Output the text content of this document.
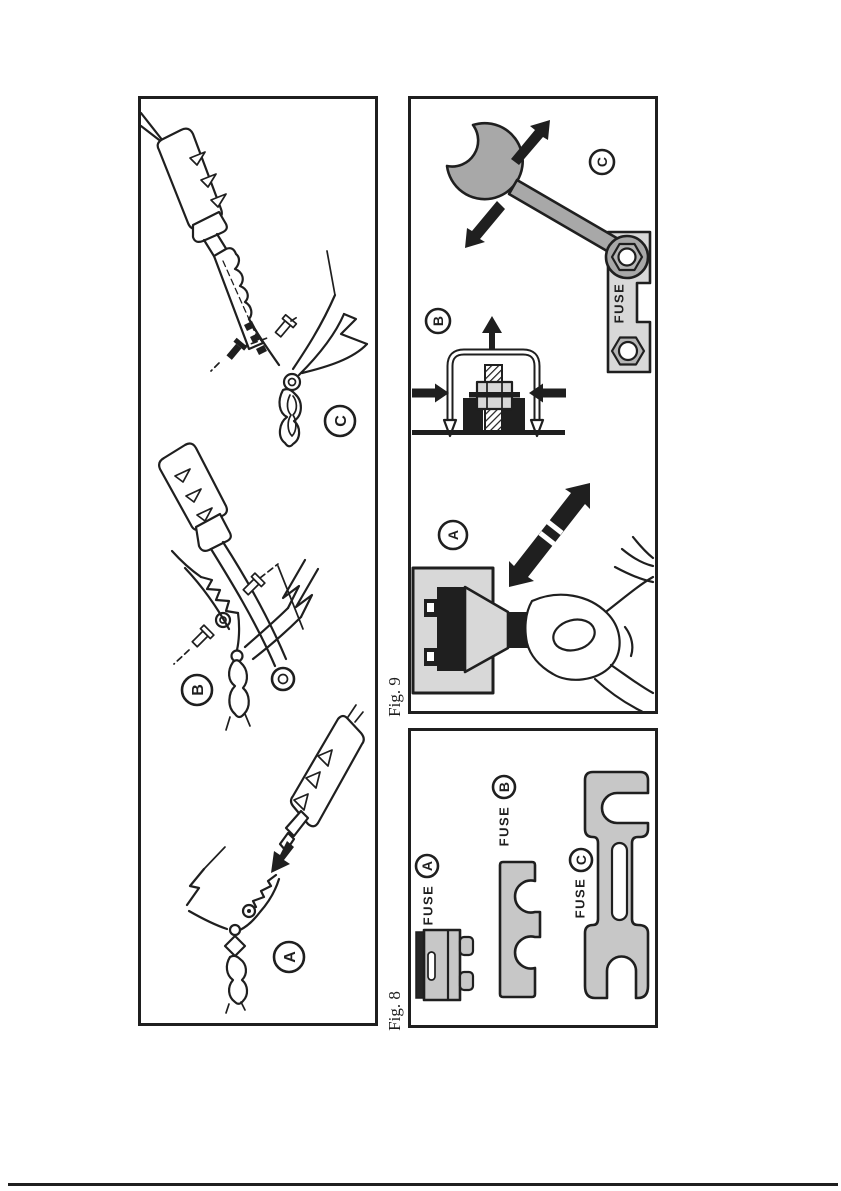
C
B
A
FUSE
C
B
A
A
FUSE
B
FUSE
C
FUSE
Fig. 9
Fig. 8
